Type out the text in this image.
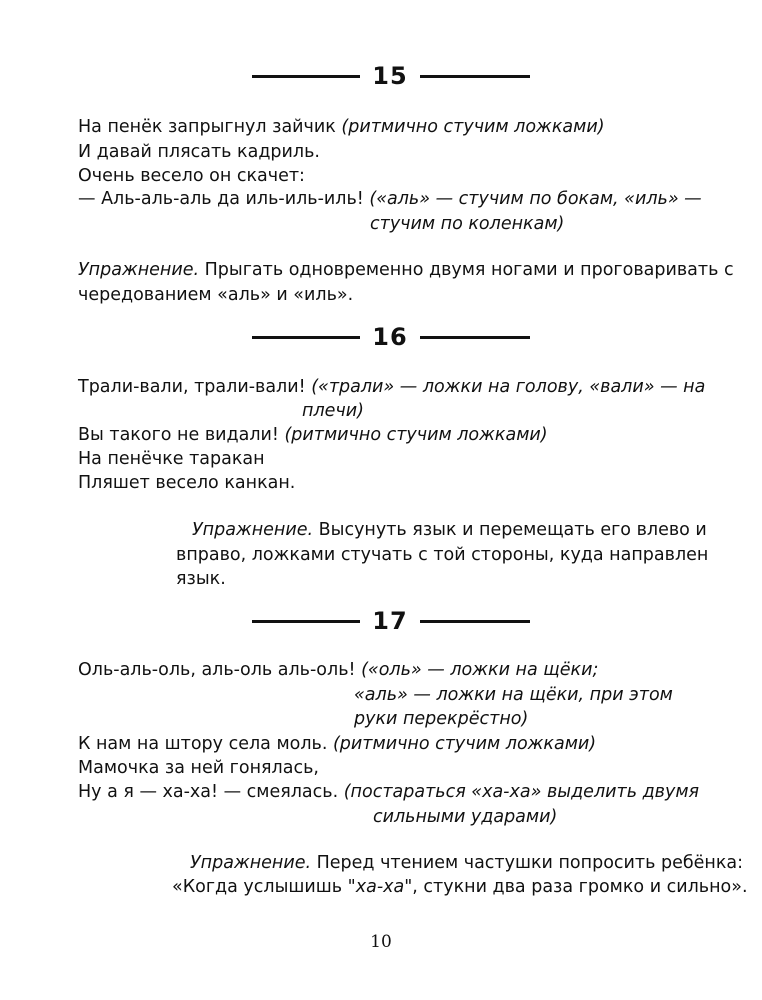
15
На пенёк запрыгнул зайчик (ритмично стучим ложками)
И давай плясать кадриль.
Очень весело он скачет:
— Аль-аль-аль да иль-иль-иль! («аль» — стучим по бокам, «иль» —
стучим по коленкам)
Упражнение. Прыгать одновременно двумя ногами и проговаривать с
чередованием «аль» и «иль».
16
Трали-вали, трали-вали! («трали» — ложки на голову, «вали» — на
плечи)
Вы такого не видали! (ритмично стучим ложками)
На пенёчке таракан
Пляшет весело канкан.
Упражнение. Высунуть язык и перемещать его влево и
вправо, ложками стучать с той стороны, куда направлен
язык.
17
Оль-аль-оль, аль-оль аль-оль! («оль» — ложки на щёки;
«аль» — ложки на щёки, при этом
руки перекрёстно)
К нам на штору села моль. (ритмично стучим ложками)
Мамочка за ней гонялась,
Ну а я — ха-ха! — смеялась. (постараться «ха-ха» выделить двумя
сильными ударами)
Упражнение. Перед чтением частушки попросить ребёнка:
«Когда услышишь "ха-ха", стукни два раза громко и сильно».
10
